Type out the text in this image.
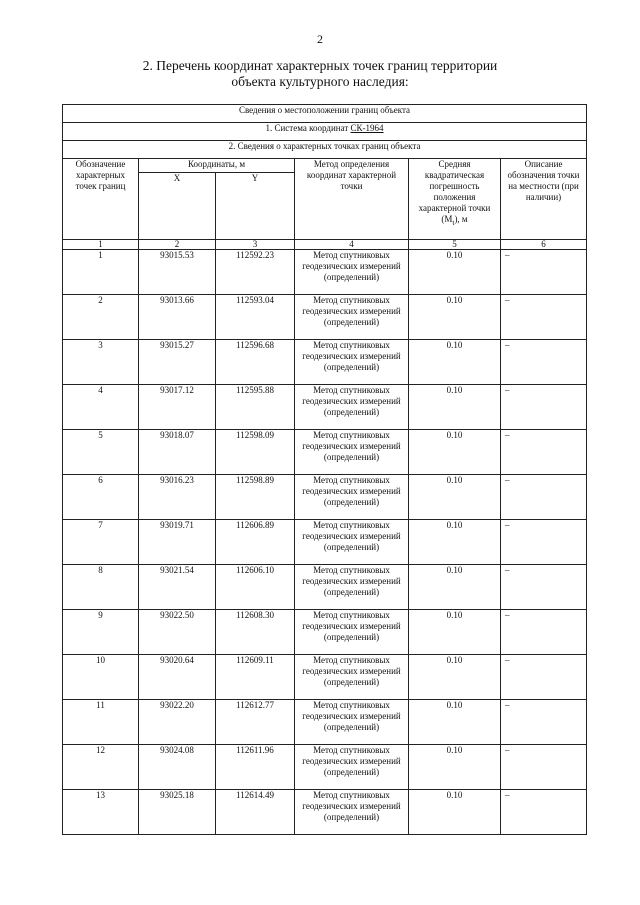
2
2. Перечень координат характерных точек границ территории
объекта культурного наследия:
Сведения о местоположении границ объекта					
1. Система координат СК-1964					
2. Сведения о характерных точках границ объекта					
Обозначение характерных точек границ	Координаты, м		Метод определения координат характерной точки	Средняя квадратическая погрешность положения характерной точки $(M_t)$, м	Описание обозначения точки на местности (при наличии)
	X	Y			
1	2	3	4	5	6
1	93015.53	112592.23	Метод спутниковых геодезических измерений (определений)	0.10	–
2	93013.66	112593.04	Метод спутниковых геодезических измерений (определений)	0.10	–
3	93015.27	112596.68	Метод спутниковых геодезических измерений (определений)	0.10	–
4	93017.12	112595.88	Метод спутниковых геодезических измерений (определений)	0.10	–
5	93018.07	112598.09	Метод спутниковых геодезических измерений (определений)	0.10	–
6	93016.23	112598.89	Метод спутниковых геодезических измерений (определений)	0.10	–
7	93019.71	112606.89	Метод спутниковых геодезических измерений (определений)	0.10	–
8	93021.54	112606.10	Метод спутниковых геодезических измерений (определений)	0.10	–
9	93022.50	112608.30	Метод спутниковых геодезических измерений (определений)	0.10	–
10	93020.64	112609.11	Метод спутниковых геодезических измерений (определений)	0.10	–
11	93022.20	112612.77	Метод спутниковых геодезических измерений (определений)	0.10	–
12	93024.08	112611.96	Метод спутниковых геодезических измерений (определений)	0.10	–
13	93025.18	112614.49	Метод спутниковых геодезических измерений (определений)	0.10	–
